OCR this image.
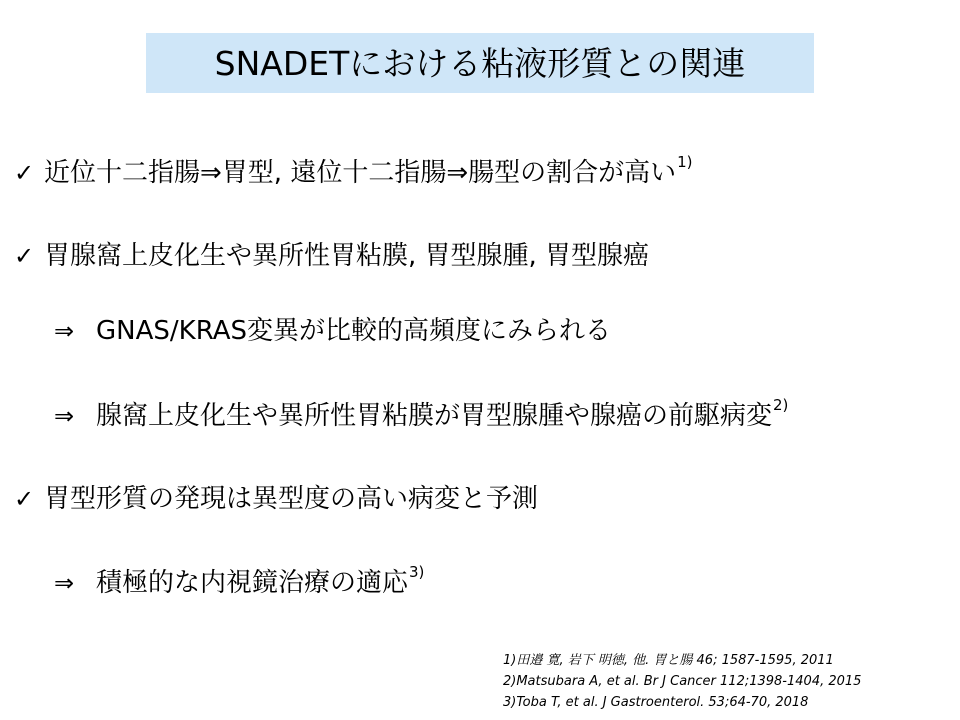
SNADETにおける粘液形質との関連
✓ 近位十二指腸⇒胃型, 遠位十二指腸⇒腸型の割合が高い 1)
✓ 胃腺窩上皮化生や異所性胃粘膜, 胃型腺腫, 胃型腺癌
⇒ GNAS/KRAS変異が比較的高頻度にみられる
⇒ 腺窩上皮化生や異所性胃粘膜が胃型腺腫や腺癌の前駆病変 2)
✓ 胃型形質の発現は異型度の高い病変と予測
⇒ 積極的な内視鏡治療の適応 3)
1)田邉 寛, 岩下 明徳, 他. 胃と腸 46; 1587-1595, 2011
2)Matsubara A, et al. Br J Cancer 112;1398-1404, 2015
3)Toba T, et al. J Gastroenterol. 53;64-70, 2018
